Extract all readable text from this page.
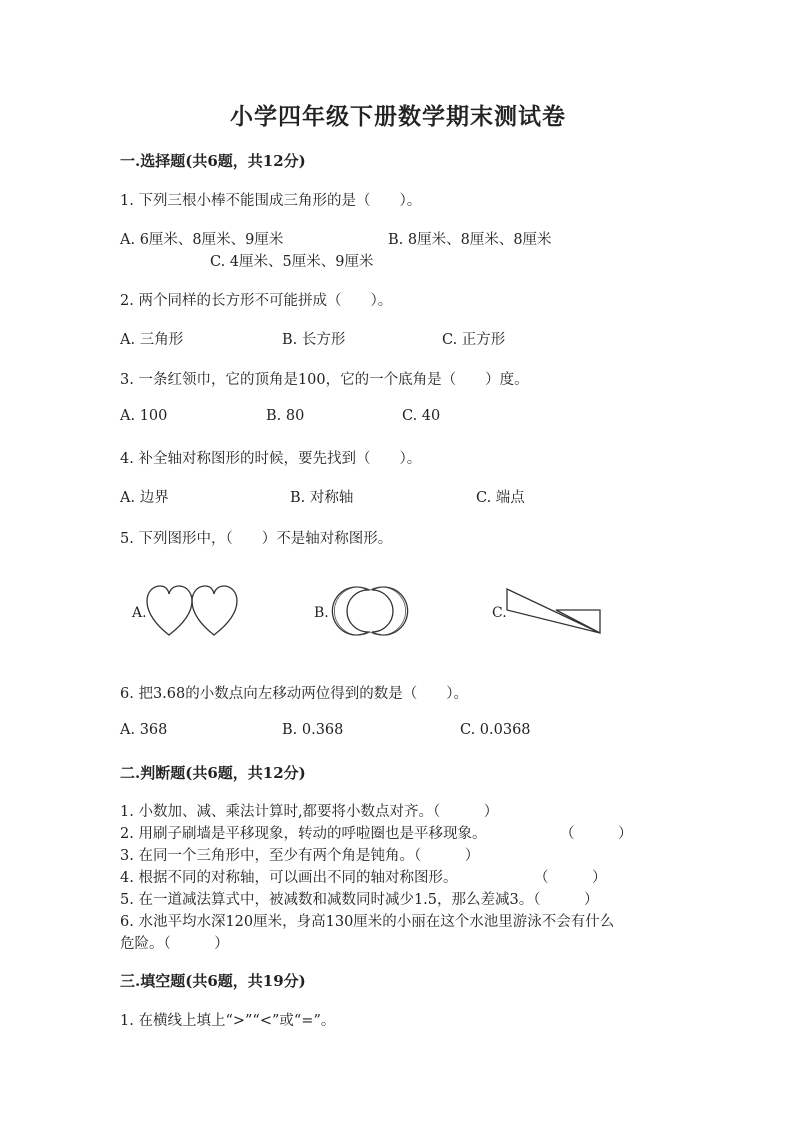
小学四年级下册数学期末测试卷
一.选择题(共6题，共12分)
1. 下列三根小棒不能围成三角形的是（　　）。
A. 6厘米、8厘米、9厘米	B. 8厘米、8厘米、8厘米
C. 4厘米、5厘米、9厘米
2. 两个同样的长方形不可能拼成（　　）。
A. 三角形	B. 长方形	C. 正方形
3. 一条红领巾，它的顶角是100，它的一个底角是（　　）度。
A. 100	B. 80	C. 40
4. 补全轴对称图形的时候，要先找到（　　）。
A. 边界	B. 对称轴	C. 端点
5. 下列图形中，（　　）不是轴对称图形。
A.	B.	C.
6. 把3.68的小数点向左移动两位得到的数是（　　）。
A. 368	B. 0.368	C. 0.0368
二.判断题(共6题，共12分)
1. 小数加、减、乘法计算时,都要将小数点对齐。（　　　）
2. 用刷子刷墙是平移现象，转动的呼啦圈也是平移现象。	（　　　）
3. 在同一个三角形中，至少有两个角是钝角。（　　　）
4. 根据不同的对称轴，可以画出不同的轴对称图形。	（　　　）
5. 在一道减法算式中，被减数和减数同时减少1.5，那么差减3。（　　　）
6. 水池平均水深120厘米，身高130厘米的小丽在这个水池里游泳不会有什么
危险。（　　　）
三.填空题(共6题，共19分)
1. 在横线上填上“>”“<”或“=”。
